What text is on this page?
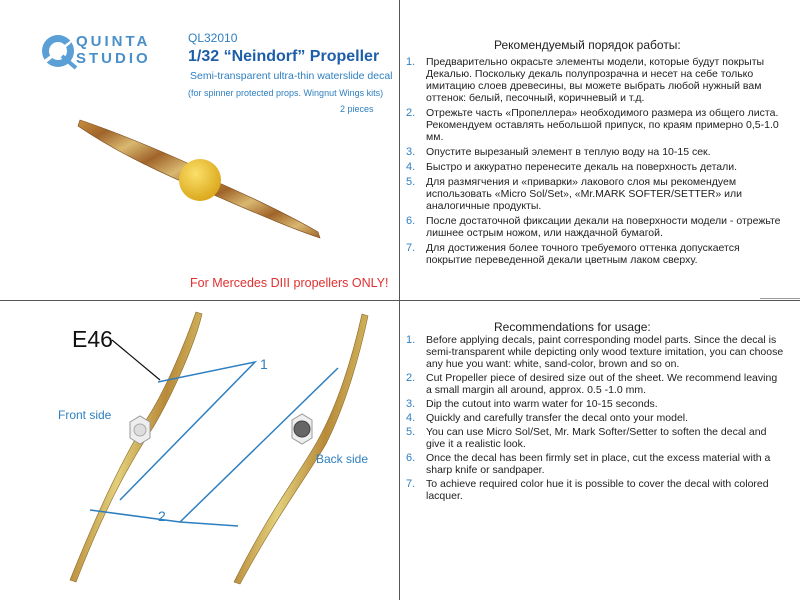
QUINTA
STUDIO
QL32010
1/32 “Neindorf” Propeller
Semi-transparent ultra-thin waterslide decal
(for spinner protected props. Wingnut Wings kits)
2 pieces
For Mercedes DIII propellers ONLY!
E46
Front side
Back side
1
2
Рекомендуемый порядок работы:
1. Предварительно окрасьте элементы модели, которые будут покрыты Декалью. Поскольку декаль полупрозрачна и несет на себе только имитацию слоев древесины, вы можете выбрать любой нужный вам оттенок: белый, песочный, коричневый и т.д.
2. Отрежьте часть «Пропеллера» необходимого размера из общего листа. Рекомендуем оставлять небольшой припуск, по краям примерно 0,5-1.0 мм.
3. Опустите вырезаный элемент в теплую воду на 10-15 сек.
4. Быстро и аккуратно перенесите декаль на поверхность детали.
5. Для размягчения и «приварки» лакового слоя мы рекомендуем использовать «Micro Sol/Set», «Mr.MARK SOFTER/SETTER» или аналогичные продукты.
6. После достаточной фиксации декали на поверхности модели - отрежьте лишнее острым ножом, или наждачной бумагой.
7. Для достижения более точного требуемого оттенка допускается покрытие переведенной декали цветным лаком сверху.
Recommendations for usage:
1. Before applying decals, paint corresponding model parts. Since the decal is semi-transparent while depicting only wood texture imitation, you can choose any hue you want: white, sand-color, brown and so on.
2. Cut Propeller piece of desired size out of the sheet. We recommend leaving a small margin all around, approx. 0.5 -1.0 mm.
3. Dip the cutout into warm water for 10-15 seconds.
4. Quickly and carefully transfer the decal onto your model.
5. You can use Micro Sol/Set, Mr. Mark Softer/Setter to soften the decal and give it a realistic look.
6. Once the decal has been firmly set in place, cut the excess material with a sharp knife or sandpaper.
7. To achieve required color hue it is possible to cover the decal with colored lacquer.
